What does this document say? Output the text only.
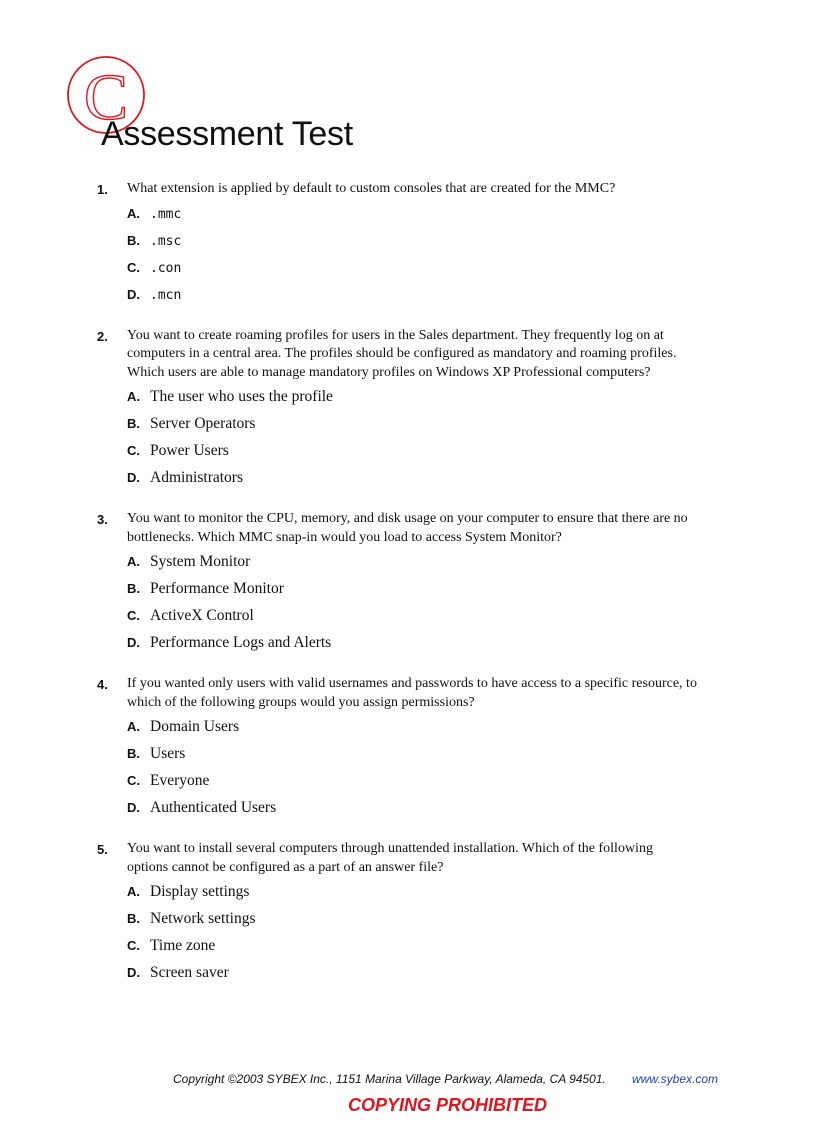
C
Assessment Test
1. What extension is applied by default to custom consoles that are created for the MMC?
A. .mmc
B. .msc
C. .con
D. .mcn
2. You want to create roaming profiles for users in the Sales department. They frequently log on at computers in a central area. The profiles should be configured as mandatory and roaming profiles. Which users are able to manage mandatory profiles on Windows XP Professional computers?
A. The user who uses the profile
B. Server Operators
C. Power Users
D. Administrators
3. You want to monitor the CPU, memory, and disk usage on your computer to ensure that there are no bottlenecks. Which MMC snap-in would you load to access System Monitor?
A. System Monitor
B. Performance Monitor
C. ActiveX Control
D. Performance Logs and Alerts
4. If you wanted only users with valid usernames and passwords to have access to a specific resource, to which of the following groups would you assign permissions?
A. Domain Users
B. Users
C. Everyone
D. Authenticated Users
5. You want to install several computers through unattended installation. Which of the following options cannot be configured as a part of an answer file?
A. Display settings
B. Network settings
C. Time zone
D. Screen saver
Copyright ©2003 SYBEX Inc., 1151 Marina Village Parkway, Alameda, CA 94501. www.sybex.com
COPYING PROHIBITED
